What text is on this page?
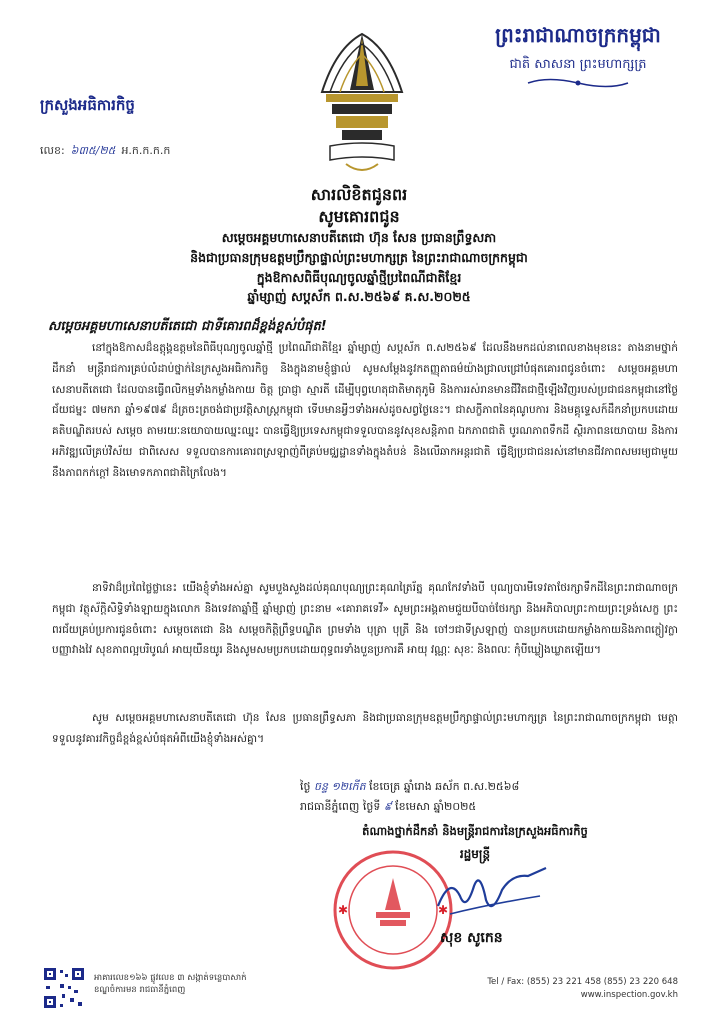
ព្រះរាជាណាចក្រកម្ពុជា
ជាតិ សាសនា ព្រះមហាក្សត្រ
ក្រសួងអធិការកិច្ច
លេខ: ៦៣៥/២៥ អ.ក.ក.ក.ក
សារលិខិតជូនពរ
សូមគោរពជូន
សម្តេចអគ្គមហាសេនាបតីតេជោ ហ៊ុន សែន ប្រធានព្រឹទ្ធសភា
និងជាប្រធានក្រុមឧត្តមប្រឹក្សាផ្ទាល់ព្រះមហាក្សត្រ នៃព្រះរាជាណាចក្រកម្ពុជា
ក្នុងឱកាសពិធីបុណ្យចូលឆ្នាំថ្មីប្រពៃណីជាតិខ្មែរ
ឆ្នាំម្សាញ់ សប្តស័ក ព.ស.២៥៦៩ គ.ស.២០២៥
សម្តេចអគ្គមហាសេនាបតីតេជោ ជាទីគោរពដ៏ខ្ពង់ខ្ពស់បំផុត!

នៅក្នុងឱកាសដ៏ឧត្តុង្គឧត្តមនៃពិធីបុណ្យចូលឆ្នាំថ្មី ប្រពៃណីជាតិខ្មែរ ឆ្នាំម្សាញ់ សប្តស័ក ព.ស២៥៦៩ ដែលនឹងមកដល់នាពេលខាងមុខនេះ តាងនាមថ្នាក់ដឹកនាំ មន្ត្រីរាជការគ្រប់លំដាប់ថ្នាក់នៃក្រសួងអធិការកិច្ច និងក្នុងនាមខ្ញុំផ្ទាល់ សូមសម្តែងនូវកតញ្ញុតាធម៌យ៉ាងជ្រាលជ្រៅបំផុតគោរពជូនចំពោះ សម្តេចអគ្គមហាសេនាបតីតេជោ ដែលបានធ្វើពលិកម្មទាំងកម្លាំងកាយ ចិត្ត ប្រាជ្ញា ស្មារតី ដើម្បីបុព្វហេតុជាតិមាតុភូមិ និងការរស់រានមានជីវិតជាថ្មីឡើងវិញរបស់ប្រជាជនកម្ពុជានៅថ្ងៃជ័យជម្នះ ៧មករា ឆ្នាំ១៩៧៩ ដ៏ត្រចះត្រចង់ជាប្រវត្តិសាស្ត្រកម្ពុជា ទើបមានអ្វីៗទាំងអស់ដូចសព្វថ្ងៃនេះ។ ជាសក្ខីភាពនៃគុណូបការ និងមគ្គុទ្ទេសក៍ដឹកនាំប្រកបដោយគតិបណ្ឌិតរបស់ សម្តេច តាមរយៈនយោបាយឈ្នះឈ្នះ បានធ្វើឱ្យប្រទេសកម្ពុជាទទួលបាននូវសុខសន្តិភាព ឯកភាពជាតិ បូរណភាពទឹកដី ស្ថិរភាពនយោបាយ និងការអភិវឌ្ឍលើគ្រប់វិស័យ ជាពិសេស ទទួលបានការគោរពស្រឡាញ់ពីគ្រប់មជ្ឈដ្ឋានទាំងក្នុងតំបន់ និងលើឆាកអន្តរជាតិ ធ្វើឱ្យប្រជាជនរស់នៅមានជីវភាពសមរម្យជាមួយនឹងភាពកក់ក្តៅ និងមោទកភាពជាតិក្រៃលែង។

នាទិវាដ៏ប្រពៃថ្លៃថ្លានេះ យើងខ្ញុំទាំងអស់គ្នា សូមបួងសួងដល់គុណបុណ្យព្រះគុណត្រៃរ័ត្ន គុណកែវទាំងបី បុណ្យបារមីទេវតាថែរក្សាទឹកដីនៃព្រះរាជាណាចក្រកម្ពុជា វត្ថុស័ក្តិសិទ្ធិទាំងឡាយក្នុងលោក និងទេវតាឆ្នាំថ្មី ឆ្នាំម្សាញ់ ព្រះនាម «គោរាគទេវី» សូមព្រះអង្គតាមជួយបីបាច់ថែរក្សា និងអភិបាលព្រះកាយព្រះទ្រង់សេក្ខ ព្រះពរជ័យគ្រប់ប្រការជូនចំពោះ សម្តេចតេជោ និង សម្តេចកិត្តិព្រឹទ្ធបណ្ឌិត ព្រមទាំង បុត្រា បុត្រី និង ចៅៗជាទីស្រឡាញ់ បានប្រកបដោយកម្លាំងកាយនិងភាពក្លៀវក្លា បញ្ញាវាងវៃ សុខភាពល្អបរិបូណ៌ អាយុយឺនយូរ និងសូមសមប្រកបដោយពុទ្ធពរទាំងបួនប្រការគឺ អាយុ វណ្ណៈ សុខៈ និងពលៈ កុំបីឃ្លៀងឃ្លាតឡើយ។

សូម សម្តេចអគ្គមហាសេនាបតីតេជោ ហ៊ុន សែន ប្រធានព្រឹទ្ធសភា និងជាប្រធានក្រុមឧត្តមប្រឹក្សាផ្ទាល់ព្រះមហាក្សត្រ នៃព្រះរាជាណាចក្រកម្ពុជា មេត្តាទទួលនូវគារវកិច្ចដ៏ខ្ពង់ខ្ពស់បំផុតអំពីយើងខ្ញុំទាំងអស់គ្នា។

ថ្ងៃ ចន្ទ ១២កើត ខែចេត្រ ឆ្នាំរោង ឆស័ក ព.ស.២៥៦៨
រាជធានីភ្នំពេញ ថ្ងៃទី ៩ ខែមេសា ឆ្នាំ២០២៥
តំណាងថ្នាក់ដឹកនាំ និងមន្ត្រីរាជការនៃក្រសួងអធិការកិច្ច
រដ្ឋមន្ត្រី
✱	✱
សុខ សូកេន
អាគារលេខ១៦៦ ផ្លូវលេខ ៣ សង្កាត់ទន្លេបាសាក់
ខណ្ឌចំការមន រាជធានីភ្នំពេញ
Tel / Fax: (855) 23 221 458 (855) 23 220 648
www.inspection.gov.kh
